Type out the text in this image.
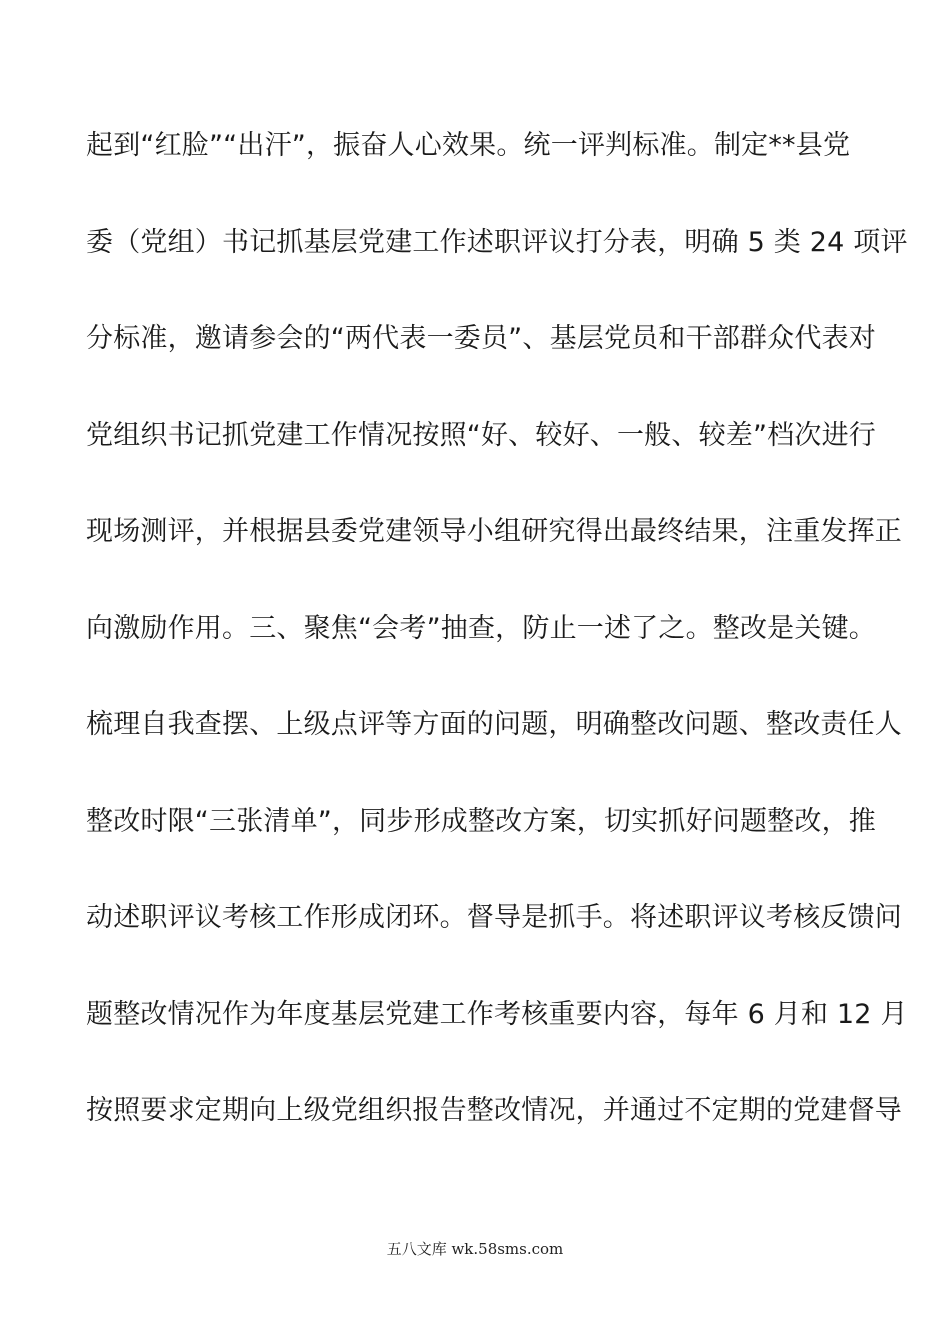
起到“红脸”“出汗”，振奋人心效果。统一评判标准。制定**县党
委（党组）书记抓基层党建工作述职评议打分表，明确 5 类 24 项评
分标准，邀请参会的“两代表一委员”、基层党员和干部群众代表对
党组织书记抓党建工作情况按照“好、较好、一般、较差”档次进行
现场测评，并根据县委党建领导小组研究得出最终结果，注重发挥正
向激励作用。三、聚焦“会考”抽查，防止一述了之。整改是关键。
梳理自我查摆、上级点评等方面的问题，明确整改问题、整改责任人
整改时限“三张清单”，同步形成整改方案，切实抓好问题整改，推
动述职评议考核工作形成闭环。督导是抓手。将述职评议考核反馈问
题整改情况作为年度基层党建工作考核重要内容，每年 6 月和 12 月
按照要求定期向上级党组织报告整改情况，并通过不定期的党建督导
五八文库 wk.58sms.com
